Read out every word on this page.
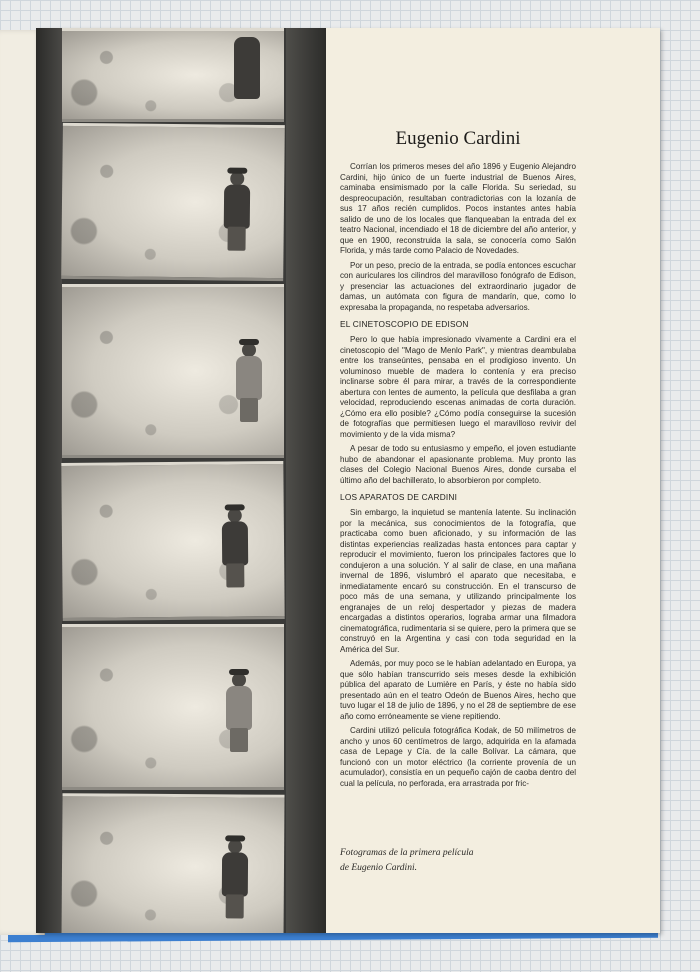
Eugenio Cardini

Corrían los primeros meses del año 1896 y Eugenio Alejandro Cardini, hijo único de un fuerte industrial de Buenos Aires, caminaba ensimismado por la calle Florida. Su seriedad, su despreocupación, resultaban contradictorias con la lozanía de sus 17 años recién cumplidos. Pocos instantes antes había salido de uno de los locales que flanqueaban la entrada del ex teatro Nacional, incendiado el 18 de diciembre del año anterior, y que en 1900, reconstruida la sala, se conocería como Salón Florida, y más tarde como Palacio de Novedades.

Por un peso, precio de la entrada, se podía entonces escuchar con auriculares los cilindros del maravilloso fonógrafo de Edison, y presenciar las actuaciones del extraordinario jugador de damas, un autómata con figura de mandarín, que, como lo expresaba la propaganda, no respetaba adversarios.

EL CINETOSCOPIO DE EDISON

Pero lo que había impresionado vivamente a Cardini era el cinetoscopio del "Mago de Menlo Park", y mientras deambulaba entre los transeúntes, pensaba en el prodigioso invento. Un voluminoso mueble de madera lo contenía y era preciso inclinarse sobre él para mirar, a través de la correspondiente abertura con lentes de aumento, la película que desfilaba a gran velocidad, reproduciendo escenas animadas de corta duración. ¿Cómo era ello posible? ¿Cómo podía conseguirse la sucesión de fotografías que permitiesen luego el maravilloso revivir del movimiento y de la vida misma?

A pesar de todo su entusiasmo y empeño, el joven estudiante hubo de abandonar el apasionante problema. Muy pronto las clases del Colegio Nacional Buenos Aires, donde cursaba el último año del bachillerato, lo absorbieron por completo.

LOS APARATOS DE CARDINI

Sin embargo, la inquietud se mantenía latente. Su inclinación por la mecánica, sus conocimientos de la fotografía, que practicaba como buen aficionado, y su información de las distintas experiencias realizadas hasta entonces para captar y reproducir el movimiento, fueron los principales factores que lo condujeron a una solución. Y al salir de clase, en una mañana invernal de 1896, vislumbró el aparato que necesitaba, e inmediatamente encaró su construcción. En el transcurso de poco más de una semana, y utilizando principalmente los engranajes de un reloj despertador y piezas de madera encargadas a distintos operarios, lograba armar una filmadora cinematográfica, rudimentaria si se quiere, pero la primera que se construyó en la Argentina y casi con toda seguridad en la América del Sur.

Además, por muy poco se le habían adelantado en Europa, ya que sólo habían transcurrido seis meses desde la exhibición pública del aparato de Lumière en París, y éste no había sido presentado aún en el teatro Odeón de Buenos Aires, hecho que tuvo lugar el 18 de julio de 1896, y no el 28 de septiembre de ese año como erróneamente se viene repitiendo.

Cardini utilizó película fotográfica Kodak, de 50 milímetros de ancho y unos 60 centímetros de largo, adquirida en la afamada casa de Lepage y Cía. de la calle Bolívar. La cámara, que funcionó con un motor eléctrico (la corriente provenía de un acumulador), consistía en un pequeño cajón de caoba dentro del cual la película, no perforada, era arrastrada por fric-

Fotogramas de la primera película
de Eugenio Cardini.
